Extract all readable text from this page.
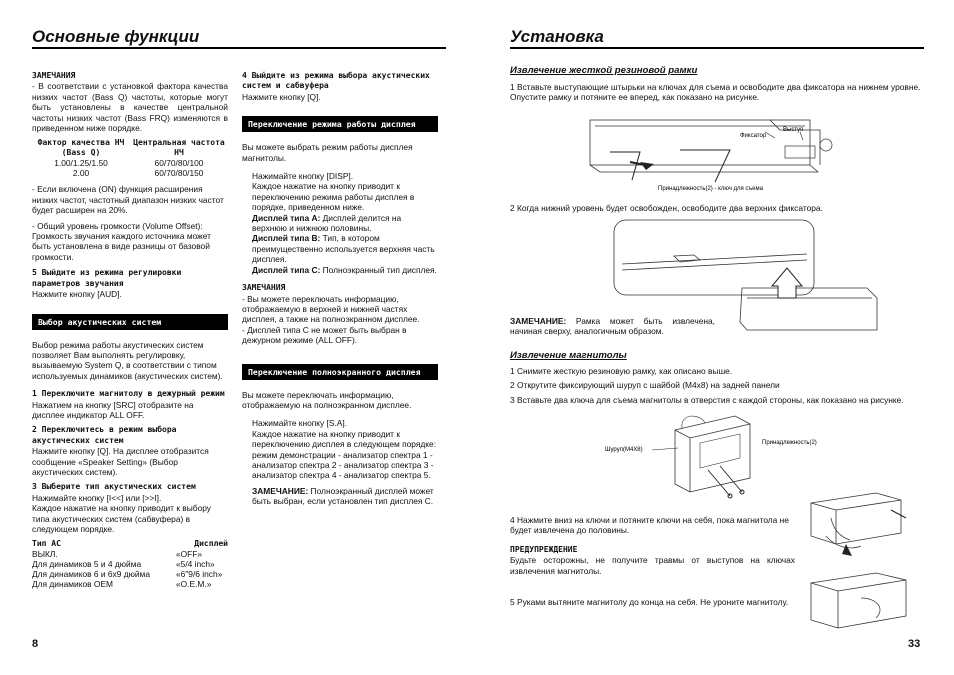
Основные функции
ЗАМЕЧАНИЯ

- В соответствии с установкой фактора качества низких частот (Bass Q) частоты, которые могут быть установлены в качестве центральной частоты низких частот (Bass FRQ) изменяются в приведенном ниже порядке.

Фактор качества НЧ (Bass Q)	Центральная частота НЧ
1.00/1.25/1.50	60/70/80/100
2.00	60/70/80/150

- Если включена (ON) функция расширения низких частот, частотный диапазон низких частот будет расширен на 20%.

- Общий уровень громкости (Volume Offset): Громкость звучания каждого источника может быть установлена в виде разницы от базовой громкости.

5 Выйдите из режима регулировки параметров звучания

Нажмите кнопку [AUD].

Выбор акустических систем

Выбор режима работы акустических систем позволяет Вам выполнять регулировку, вызываемую System Q, в соответствии с типом используемых динамиков (акустических систем).

1 Переключите магнитолу в дежурный режим

Нажатием на кнопку [SRC] отобразите на дисплее индикатор ALL OFF.

2 Переключитесь в режим выбора акустических систем

Нажмите кнопку [Q]. На дисплее отобразится сообщение «Speaker Setting» (Выбор акустических систем).

3 Выберите тип акустических систем
Нажимайте кнопку [I<<] или [>>I].

Каждое нажатие на кнопку приводит к выбору типа акустических систем (сабвуфера) в следующем порядке.

Тип АС	Дисплей
ВЫКЛ.	«OFF»
Для динамиков 5 и 4 дюйма	«5/4 inch»
Для динамиков 6 и 6x9 дюйма	«6"9/6 inch»
Для динамиков OEM	«O.E.M.»
4 Выйдите из режима выбора акустических систем и сабвуфера

Нажмите кнопку [Q].

Переключение режима работы дисплея

Вы можете выбрать режим работы дисплея магнитолы.

Нажимайте кнопку [DISP].
Каждое нажатие на кнопку приводит к переключению режима работы дисплея в порядке, приведенном ниже.
Дисплей типа A: Дисплей делится на верхнюю и нижнюю половины.
Дисплей типа B: Тип, в котором преимущественно используется верхняя часть дисплея.
Дисплей типа C: Полноэкранный тип дисплея.
ЗАМЕЧАНИЯ
- Вы можете переключать информацию, отображаемую в верхней и нижней частях дисплея, а также на полноэкранном дисплее.

- Дисплей типа C не может быть выбран в дежурном режиме (ALL OFF).

Переключение полноэкранного дисплея

Вы можете переключать информацию, отображаемую на полноэкранном дисплее.

Нажимайте кнопку [S.A].

Каждое нажатие на кнопку приводит к переключению дисплея в следующем порядке: режим демонстрации - анализатор спектра 1 - анализатор спектра 2 - анализатор спектра 3 - анализатор спектра 4 - анализатор спектра 5.

ЗАМЕЧАНИЕ: Полноэкранный дисплей может быть выбран, если установлен тип дисплея C.
8
Установка
Извлечение жесткой резиновой рамки
1 Вставьте выступающие штырьки на ключах для съема и освободите два фиксатора на нижнем уровне. Опустите рамку и потяните ее вперед, как показано на рисунке.
Фиксатор
Выступ
Принадлежность(2) - ключ для съема
2 Когда нижний уровень будет освобожден, освободите два верхних фиксатора.
ЗАМЕЧАНИЕ: Рамка может быть извлечена, начиная сверху, аналогичным образом.
Извлечение магнитолы
1 Снимите жесткую резиновую рамку, как описано выше.
2 Открутите фиксирующий шуруп с шайбой (M4x8) на задней панели
3 Вставьте два ключа для съема магнитолы в отверстия с каждой стороны, как показано на рисунке.
Шуруп(M4X8)
Принадлежность(2)
4 Нажмите вниз на ключи и потяните ключи на себя, пока магнитола не будет извлечена до половины.
ПРЕДУПРЕЖДЕНИЕ
Будьте осторожны, не получите травмы от выступов на ключах извлечения магнитолы.
5 Руками вытяните магнитолу до конца на себя. Не уроните магнитолу.
33
